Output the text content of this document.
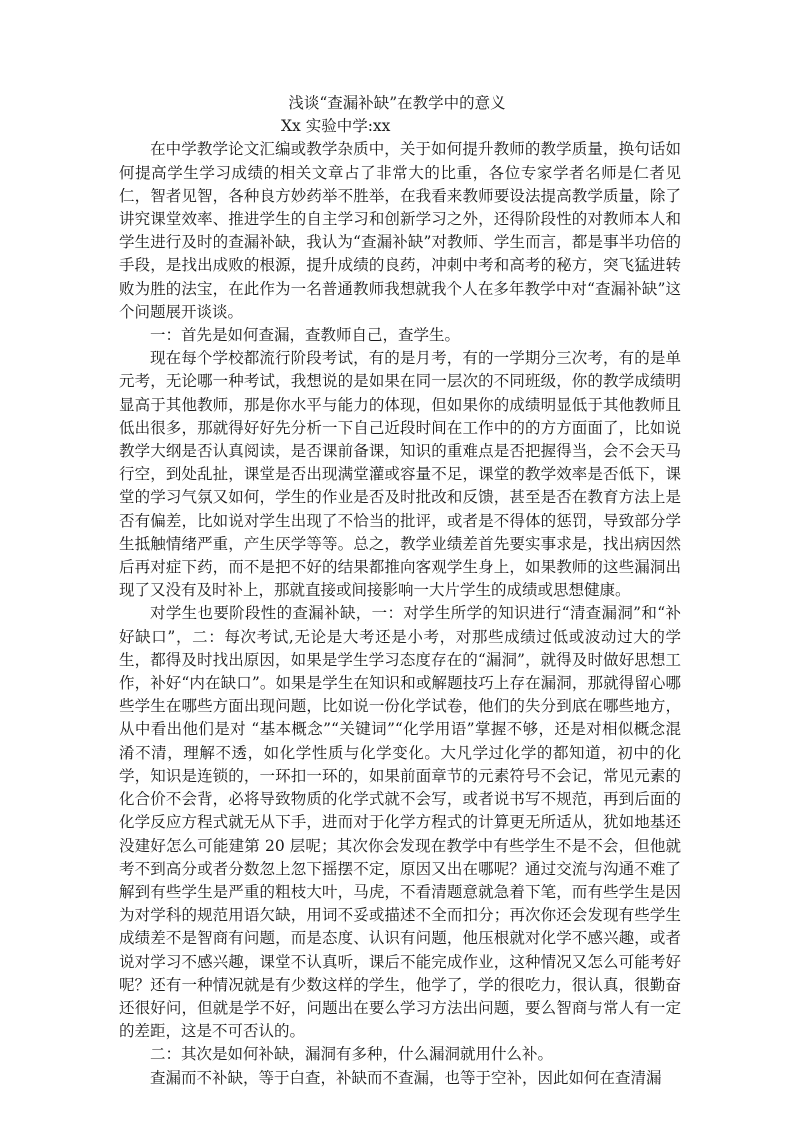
浅谈“查漏补缺”在教学中的意义

Xx 实验中学:xx

在中学教学论文汇编或教学杂质中，关于如何提升教师的教学质量，换句话如何提高学生学习成绩的相关文章占了非常大的比重，各位专家学者名师是仁者见仁，智者见智，各种良方妙药举不胜举，在我看来教师要设法提高教学质量，除了讲究课堂效率、推进学生的自主学习和创新学习之外，还得阶段性的对教师本人和学生进行及时的查漏补缺，我认为“查漏补缺”对教师、学生而言，都是事半功倍的手段，是找出成败的根源，提升成绩的良药，冲刺中考和高考的秘方，突飞猛进转败为胜的法宝，在此作为一名普通教师我想就我个人在多年教学中对“查漏补缺”这个问题展开谈谈。

一：首先是如何查漏，查教师自己，查学生。

现在每个学校都流行阶段考试，有的是月考，有的一学期分三次考，有的是单元考，无论哪一种考试，我想说的是如果在同一层次的不同班级，你的教学成绩明显高于其他教师，那是你水平与能力的体现，但如果你的成绩明显低于其他教师且低出很多，那就得好好先分析一下自己近段时间在工作中的的方方面面了，比如说教学大纲是否认真阅读，是否课前备课，知识的重难点是否把握得当，会不会天马行空，到处乱扯，课堂是否出现满堂灌或容量不足，课堂的教学效率是否低下，课堂的学习气氛又如何，学生的作业是否及时批改和反馈，甚至是否在教育方法上是否有偏差，比如说对学生出现了不恰当的批评，或者是不得体的惩罚，导致部分学生抵触情绪严重，产生厌学等等。总之，教学业绩差首先要实事求是，找出病因然后再对症下药，而不是把不好的结果都推向客观学生身上，如果教师的这些漏洞出现了又没有及时补上，那就直接或间接影响一大片学生的成绩或思想健康。

对学生也要阶段性的查漏补缺，一：对学生所学的知识进行“清查漏洞”和“补好缺口”，二：每次考试,无论是大考还是小考，对那些成绩过低或波动过大的学生，都得及时找出原因，如果是学生学习态度存在的“漏洞”，就得及时做好思想工作，补好“内在缺口”。如果是学生在知识和或解题技巧上存在漏洞，那就得留心哪些学生在哪些方面出现问题，比如说一份化学试卷，他们的失分到底在哪些地方，从中看出他们是对 “基本概念”“关键词”“化学用语”掌握不够，还是对相似概念混淆不清，理解不透，如化学性质与化学变化。大凡学过化学的都知道，初中的化学，知识是连锁的，一环扣一环的，如果前面章节的元素符号不会记，常见元素的化合价不会背，必将导致物质的化学式就不会写，或者说书写不规范，再到后面的化学反应方程式就无从下手，进而对于化学方程式的计算更无所适从，犹如地基还没建好怎么可能建第 20 层呢；其次你会发现在教学中有些学生不是不会，但他就考不到高分或者分数忽上忽下摇摆不定，原因又出在哪呢？通过交流与沟通不难了解到有些学生是严重的粗枝大叶，马虎，不看清题意就急着下笔，而有些学生是因为对学科的规范用语欠缺，用词不妥或描述不全而扣分；再次你还会发现有些学生成绩差不是智商有问题，而是态度、认识有问题，他压根就对化学不感兴趣，或者说对学习不感兴趣，课堂不认真听，课后不能完成作业，这种情况又怎么可能考好呢？还有一种情况就是有少数这样的学生，他学了，学的很吃力，很认真，很勤奋还很好问，但就是学不好，问题出在要么学习方法出问题，要么智商与常人有一定的差距，这是不可否认的。

二：其次是如何补缺，漏洞有多种，什么漏洞就用什么补。

查漏而不补缺，等于白查，补缺而不查漏，也等于空补，因此如何在查清漏
